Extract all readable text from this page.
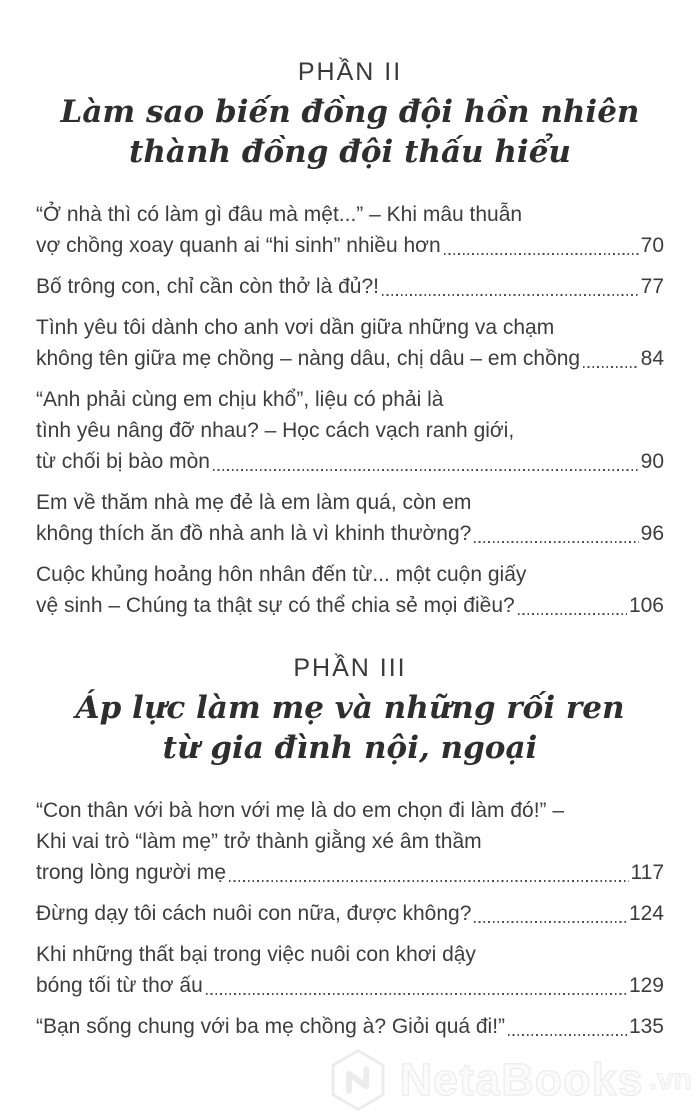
PHẦN II
Làm sao biến đồng đội hồn nhiên
thành đồng đội thấu hiểu
“Ở nhà thì có làm gì đâu mà mệt...” – Khi mâu thuẫn
vợ chồng xoay quanh ai “hi sinh” nhiều hơn	70
Bố trông con, chỉ cần còn thở là đủ?!	77
Tình yêu tôi dành cho anh vơi dần giữa những va chạm
không tên giữa mẹ chồng – nàng dâu, chị dâu – em chồng	84
“Anh phải cùng em chịu khổ”, liệu có phải là
tình yêu nâng đỡ nhau? – Học cách vạch ranh giới,
từ chối bị bào mòn	90
Em về thăm nhà mẹ đẻ là em làm quá, còn em
không thích ăn đồ nhà anh là vì khinh thường?	96
Cuộc khủng hoảng hôn nhân đến từ... một cuộn giấy
vệ sinh – Chúng ta thật sự có thể chia sẻ mọi điều?	106
PHẦN III
Áp lực làm mẹ và những rối ren
từ gia đình nội, ngoại
“Con thân với bà hơn với mẹ là do em chọn đi làm đó!” –
Khi vai trò “làm mẹ” trở thành giằng xé âm thầm
trong lòng người mẹ	117
Đừng dạy tôi cách nuôi con nữa, được không?	124
Khi những thất bại trong việc nuôi con khơi dậy
bóng tối từ thơ ấu	129
“Bạn sống chung với ba mẹ chồng à? Giỏi quá đi!”	135
NetaBooks .vn
